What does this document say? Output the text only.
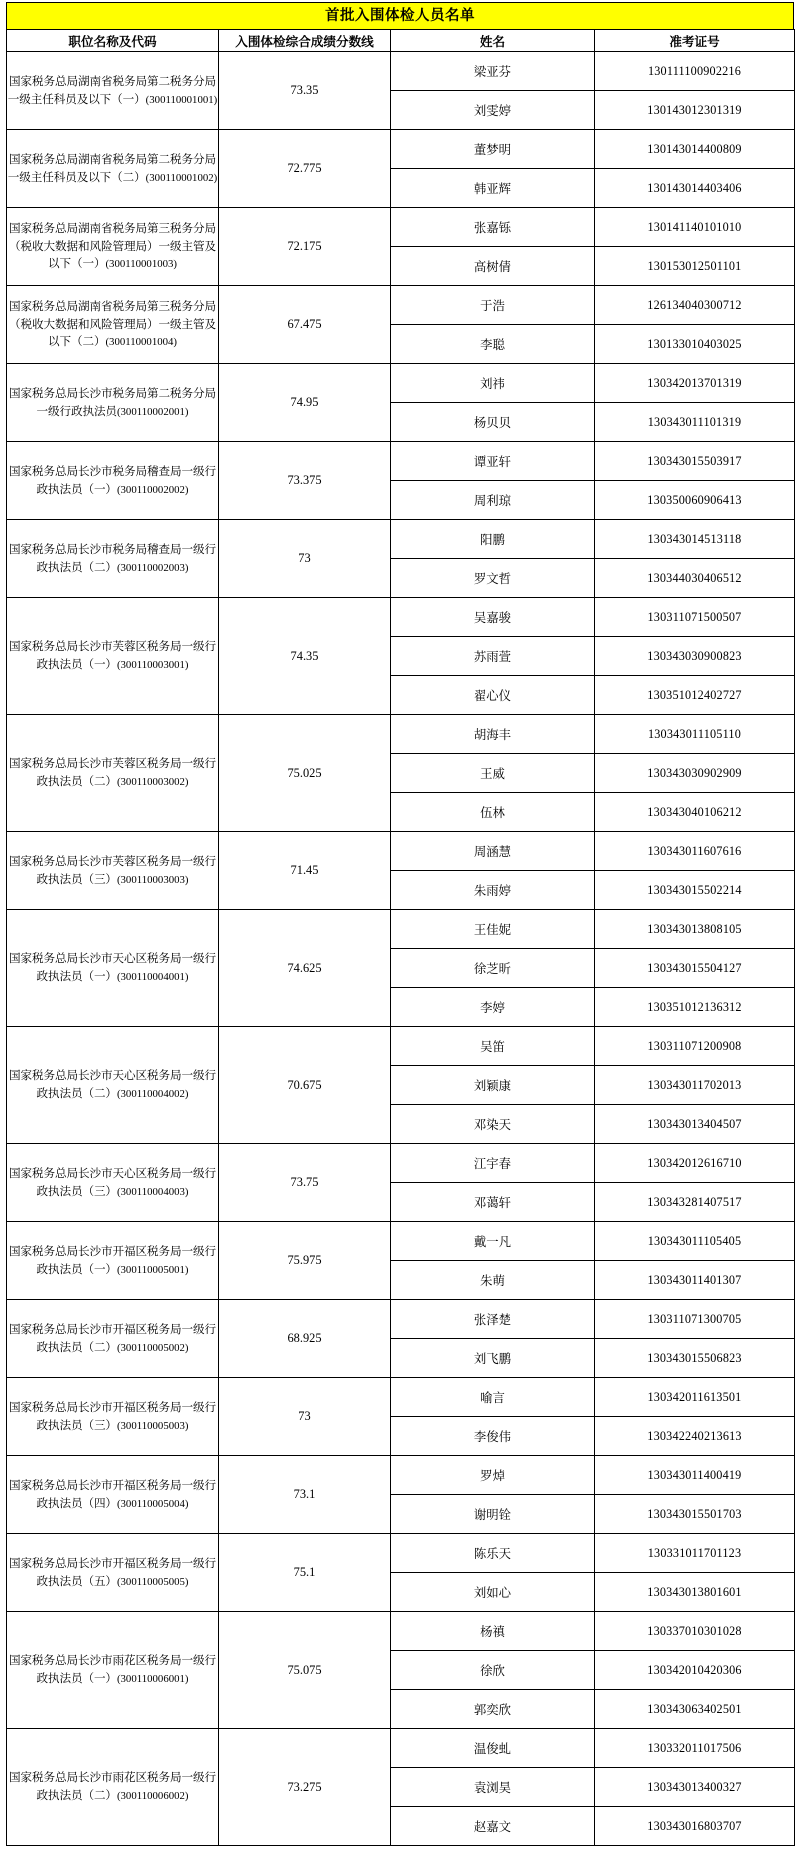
首批入围体检人员名单
职位名称及代码	入围体检综合成绩分数线	姓名	准考证号
国家税务总局湖南省税务局第二税务分局一级主任科员及以下（一）(300110001001)	73.35	梁亚芬	130111100902216
		刘雯婷	130143012301319
国家税务总局湖南省税务局第二税务分局一级主任科员及以下（二）(300110001002)	72.775	董梦明	130143014400809
		韩亚辉	130143014403406
国家税务总局湖南省税务局第三税务分局（税收大数据和风险管理局）一级主管及以下（一）(300110001003)	72.175	张嘉铄	130141140101010
		高树倩	130153012501101
国家税务总局湖南省税务局第三税务分局（税收大数据和风险管理局）一级主管及以下（二）(300110001004)	67.475	于浩	126134040300712
		李聪	130133010403025
国家税务总局长沙市税务局第二税务分局一级行政执法员(300110002001)	74.95	刘祎	130342013701319
		杨贝贝	130343011101319
国家税务总局长沙市税务局稽查局一级行政执法员（一）(300110002002)	73.375	谭亚轩	130343015503917
		周利琼	130350060906413
国家税务总局长沙市税务局稽查局一级行政执法员（二）(300110002003)	73	阳鹏	130343014513118
		罗文哲	130344030406512
国家税务总局长沙市芙蓉区税务局一级行政执法员（一）(300110003001)	74.35	吴嘉骏	130311071500507
		苏雨萱	130343030900823
		翟心仪	130351012402727
国家税务总局长沙市芙蓉区税务局一级行政执法员（二）(300110003002)	75.025	胡海丰	130343011105110
		王威	130343030902909
		伍林	130343040106212
国家税务总局长沙市芙蓉区税务局一级行政执法员（三）(300110003003)	71.45	周涵慧	130343011607616
		朱雨婷	130343015502214
国家税务总局长沙市天心区税务局一级行政执法员（一）(300110004001)	74.625	王佳妮	130343013808105
		徐芝昕	130343015504127
		李婷	130351012136312
国家税务总局长沙市天心区税务局一级行政执法员（二）(300110004002)	70.675	吴笛	130311071200908
		刘颖康	130343011702013
		邓染天	130343013404507
国家税务总局长沙市天心区税务局一级行政执法员（三）(300110004003)	73.75	江宇春	130342012616710
		邓蔼轩	130343281407517
国家税务总局长沙市开福区税务局一级行政执法员（一）(300110005001)	75.975	戴一凡	130343011105405
		朱萌	130343011401307
国家税务总局长沙市开福区税务局一级行政执法员（二）(300110005002)	68.925	张泽楚	130311071300705
		刘飞鹏	130343015506823
国家税务总局长沙市开福区税务局一级行政执法员（三）(300110005003)	73	喻言	130342011613501
		李俊伟	130342240213613
国家税务总局长沙市开福区税务局一级行政执法员（四）(300110005004)	73.1	罗焯	130343011400419
		谢明铨	130343015501703
国家税务总局长沙市开福区税务局一级行政执法员（五）(300110005005)	75.1	陈乐天	130331011701123
		刘如心	130343013801601
国家税务总局长沙市雨花区税务局一级行政执法员（一）(300110006001)	75.075	杨禛	130337010301028
		徐欣	130342010420306
		郭奕欣	130343063402501
国家税务总局长沙市雨花区税务局一级行政执法员（二）(300110006002)	73.275	温俊虬	130332011017506
		袁浏昊	130343013400327
		赵嘉文	130343016803707
